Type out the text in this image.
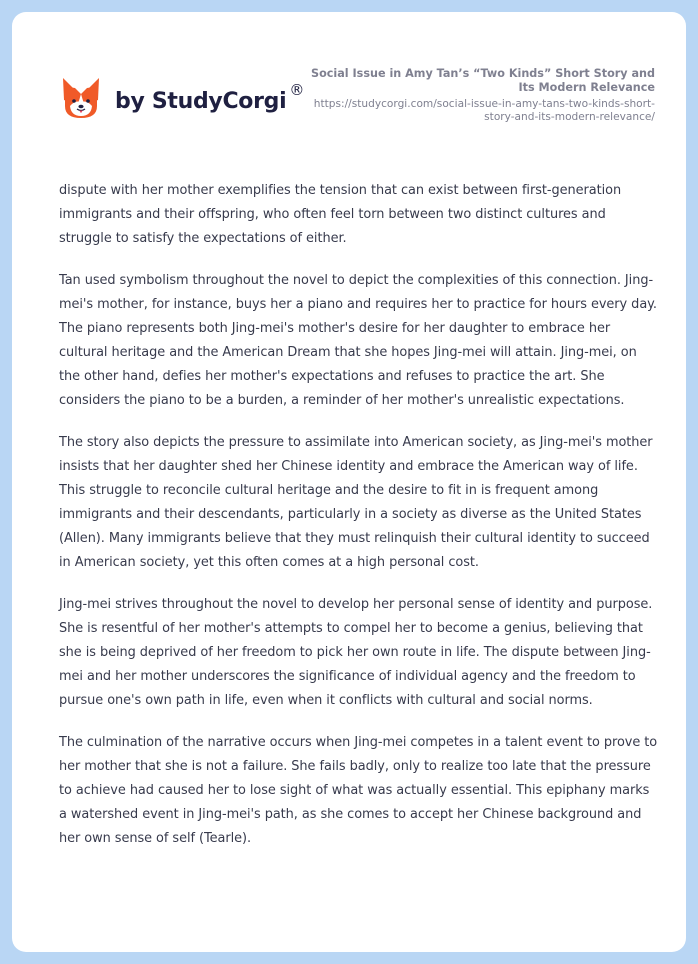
by StudyCorgi ®

Social Issue in Amy Tan’s “Two Kinds” Short Story and Its Modern Relevance

https://studycorgi.com/social-issue-in-amy-tans-two-kinds-short-story-and-its-modern-relevance/

dispute with her mother exemplifies the tension that can exist between first-generation immigrants and their offspring, who often feel torn between two distinct cultures and struggle to satisfy the expectations of either.

Tan used symbolism throughout the novel to depict the complexities of this connection. Jing-mei's mother, for instance, buys her a piano and requires her to practice for hours every day. The piano represents both Jing-mei's mother's desire for her daughter to embrace her cultural heritage and the American Dream that she hopes Jing-mei will attain. Jing-mei, on the other hand, defies her mother's expectations and refuses to practice the art. She considers the piano to be a burden, a reminder of her mother's unrealistic expectations.

The story also depicts the pressure to assimilate into American society, as Jing-mei's mother insists that her daughter shed her Chinese identity and embrace the American way of life. This struggle to reconcile cultural heritage and the desire to fit in is frequent among immigrants and their descendants, particularly in a society as diverse as the United States (Allen). Many immigrants believe that they must relinquish their cultural identity to succeed in American society, yet this often comes at a high personal cost.

Jing-mei strives throughout the novel to develop her personal sense of identity and purpose. She is resentful of her mother's attempts to compel her to become a genius, believing that she is being deprived of her freedom to pick her own route in life. The dispute between Jing-mei and her mother underscores the significance of individual agency and the freedom to pursue one's own path in life, even when it conflicts with cultural and social norms.

The culmination of the narrative occurs when Jing-mei competes in a talent event to prove to her mother that she is not a failure. She fails badly, only to realize too late that the pressure to achieve had caused her to lose sight of what was actually essential. This epiphany marks a watershed event in Jing-mei's path, as she comes to accept her Chinese background and her own sense of self (Tearle).
